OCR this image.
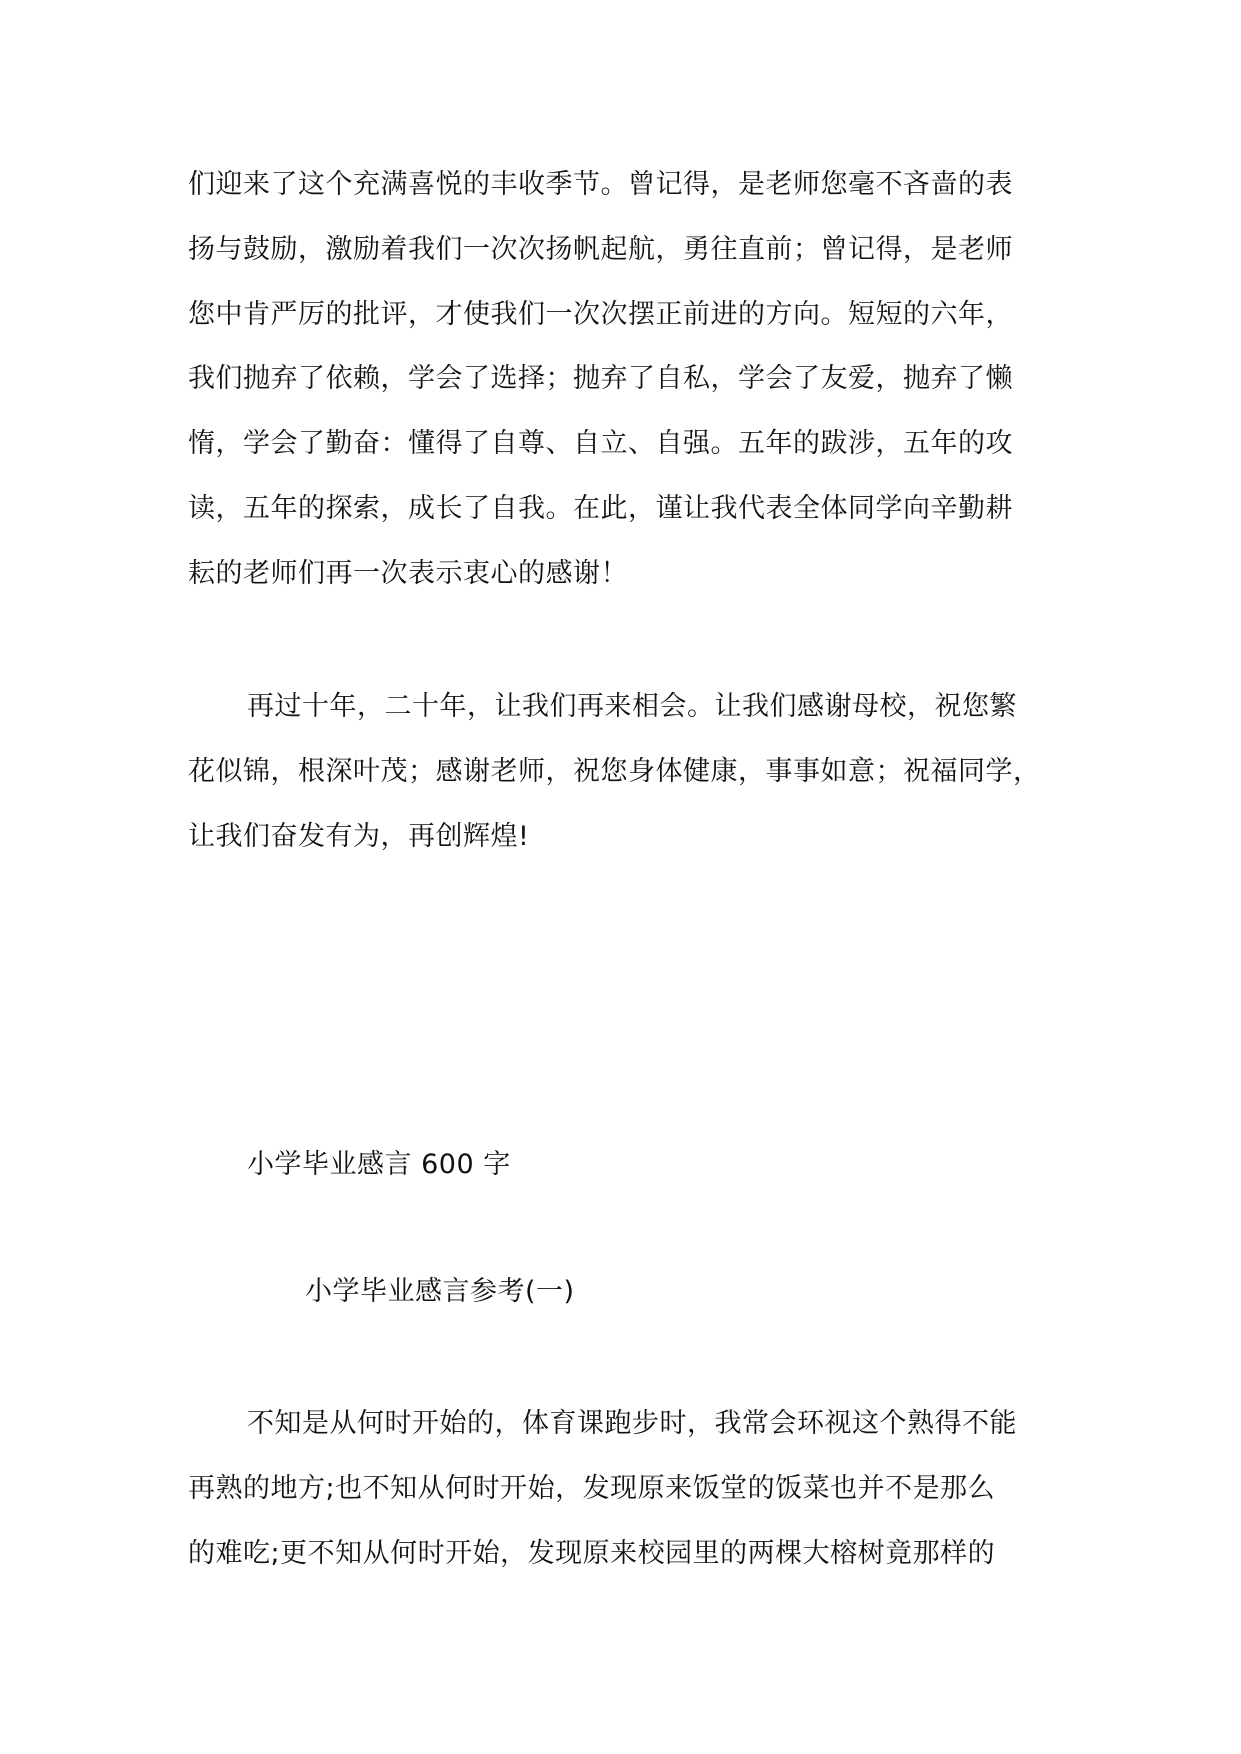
们迎来了这个充满喜悦的丰收季节。曾记得，是老师您毫不吝啬的表
扬与鼓励，激励着我们一次次扬帆起航，勇往直前；曾记得，是老师
您中肯严厉的批评，才使我们一次次摆正前进的方向。短短的六年，
我们抛弃了依赖，学会了选择；抛弃了自私，学会了友爱，抛弃了懒
惰，学会了勤奋：懂得了自尊、自立、自强。五年的跋涉，五年的攻
读，五年的探索，成长了自我。在此，谨让我代表全体同学向辛勤耕
耘的老师们再一次表示衷心的感谢！
再过十年，二十年，让我们再来相会。让我们感谢母校，祝您繁
花似锦，根深叶茂；感谢老师，祝您身体健康，事事如意；祝福同学，
让我们奋发有为，再创辉煌!
小学毕业感言 600 字
小学毕业感言参考(一)
不知是从何时开始的，体育课跑步时，我常会环视这个熟得不能
再熟的地方;也不知从何时开始，发现原来饭堂的饭菜也并不是那么
的难吃;更不知从何时开始，发现原来校园里的两棵大榕树竟那样的
